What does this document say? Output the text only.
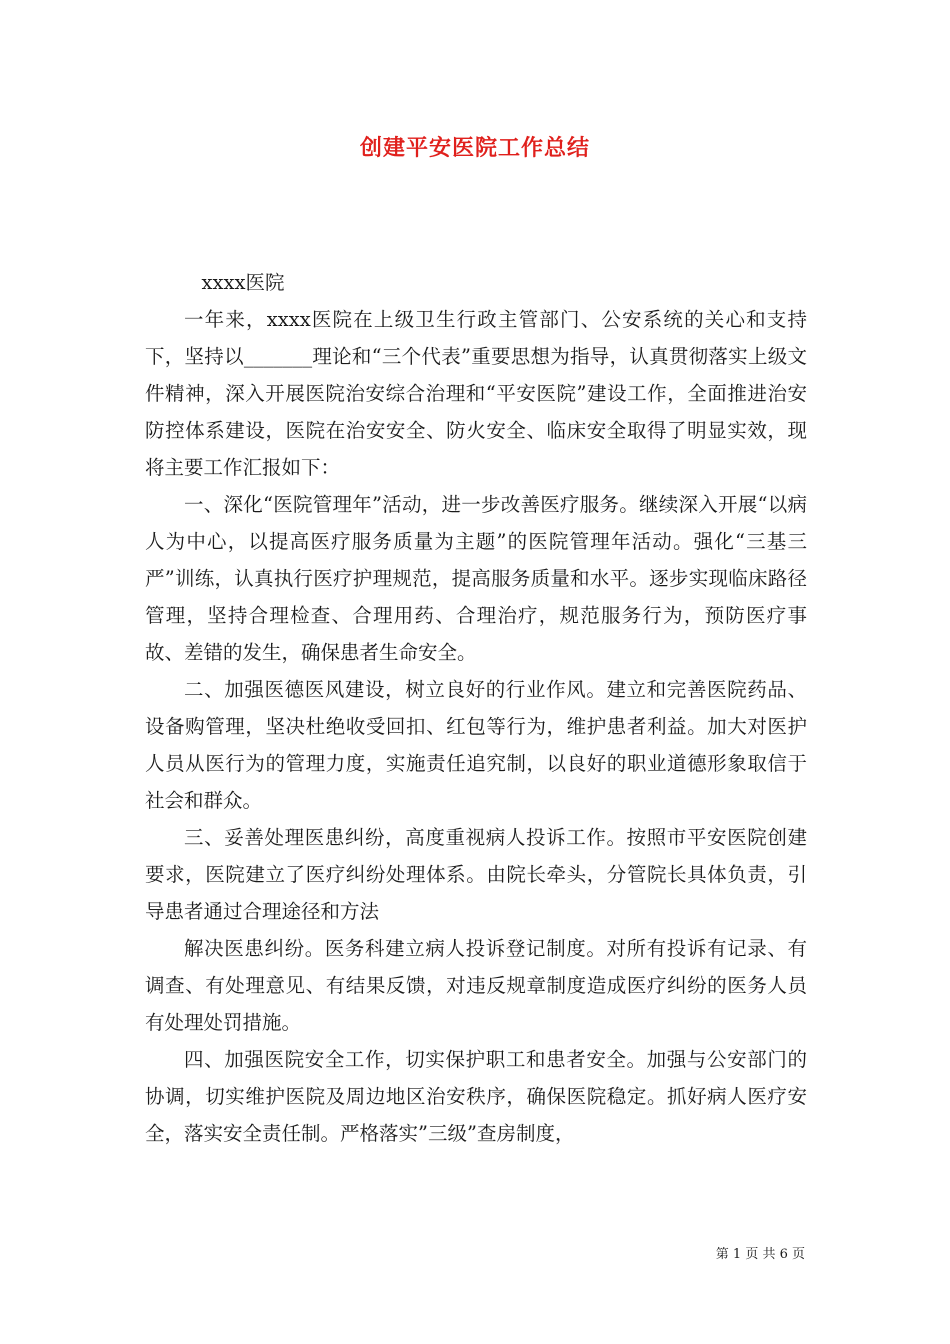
创建平安医院工作总结

xxxx医院

一年来，xxxx医院在上级卫生行政主管部门、公安系统的关心和支持下，坚持以_______理论和“三个代表”重要思想为指导，认真贯彻落实上级文件精神，深入开展医院治安综合治理和“平安医院”建设工作，全面推进治安防控体系建设，医院在治安安全、防火安全、临床安全取得了明显实效，现将主要工作汇报如下：

一、深化“医院管理年”活动，进一步改善医疗服务。继续深入开展“以病人为中心，以提高医疗服务质量为主题”的医院管理年活动。强化“三基三严”训练，认真执行医疗护理规范，提高服务质量和水平。逐步实现临床路径管理，坚持合理检查、合理用药、合理治疗，规范服务行为，预防医疗事故、差错的发生，确保患者生命安全。

二、加强医德医风建设，树立良好的行业作风。建立和完善医院药品、设备购管理，坚决杜绝收受回扣、红包等行为，维护患者利益。加大对医护人员从医行为的管理力度，实施责任追究制，以良好的职业道德形象取信于社会和群众。

三、妥善处理医患纠纷，高度重视病人投诉工作。按照市平安医院创建要求，医院建立了医疗纠纷处理体系。由院长牵头，分管院长具体负责，引导患者通过合理途径和方法

解决医患纠纷。医务科建立病人投诉登记制度。对所有投诉有记录、有调查、有处理意见、有结果反馈，对违反规章制度造成医疗纠纷的医务人员有处理处罚措施。

四、加强医院安全工作，切实保护职工和患者安全。加强与公安部门的协调，切实维护医院及周边地区治安秩序，确保医院稳定。抓好病人医疗安全，落实安全责任制。严格落实”三级”查房制度，

第 1 页 共 6 页
